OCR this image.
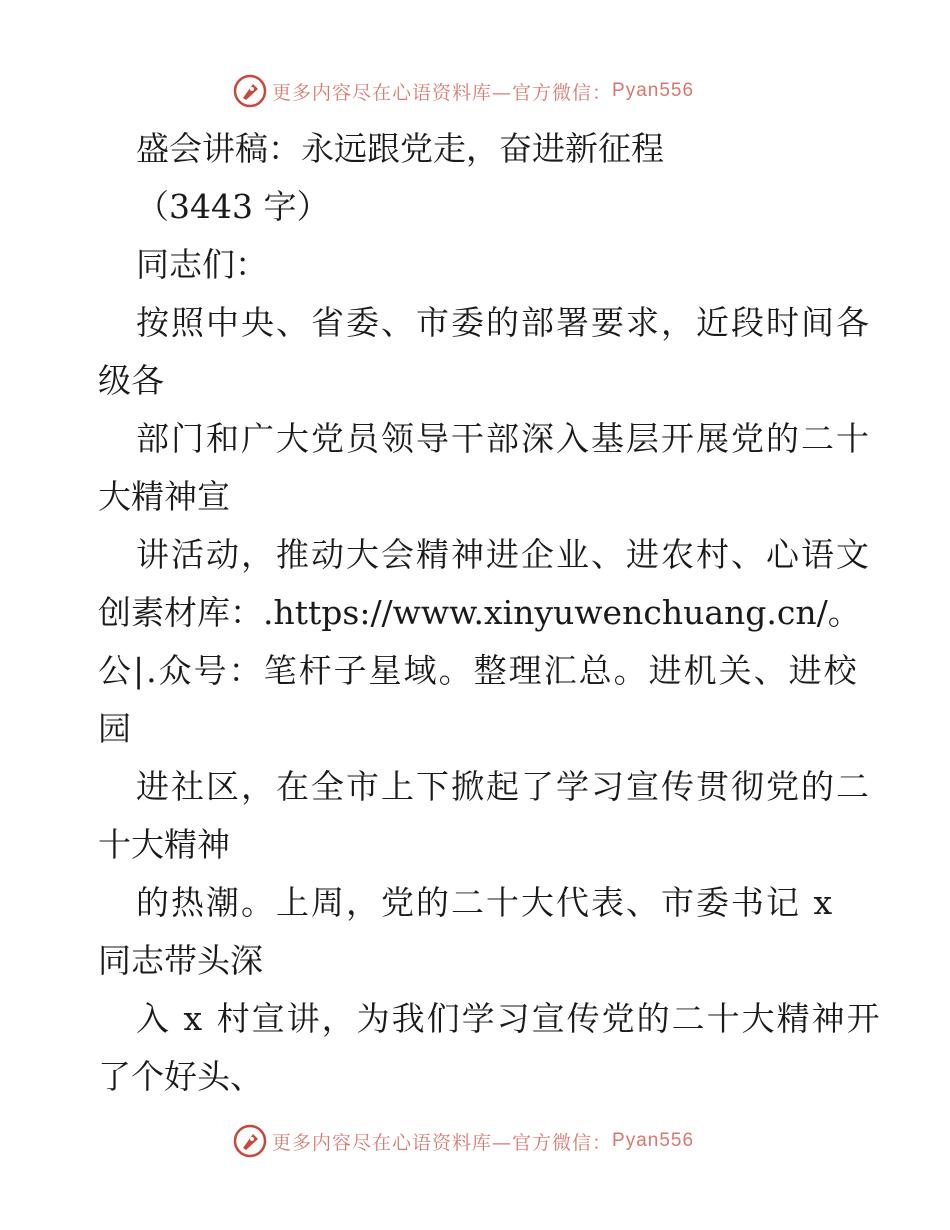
更多内容尽在心语资料库—官方微信： Pyan556
盛会讲稿：永远跟党走，奋进新征程
（3443 字）
同志们：
按照中央、省委、市委的部署要求，近段时间各
级各
部门和广大党员领导干部深入基层开展党的二十
大精神宣
讲活动，推动大会精神进企业、进农村、心语文
创素材库：.https://www.xinyuwenchuang.cn/。
公|.众号：笔杆子星域。整理汇总。进机关、进校
园
进社区，在全市上下掀起了学习宣传贯彻党的二
十大精神
的热潮。上周，党的二十大代表、市委书记 x
同志带头深
入 x 村宣讲，为我们学习宣传党的二十大精神开
了个好头、
更多内容尽在心语资料库—官方微信： Pyan556
